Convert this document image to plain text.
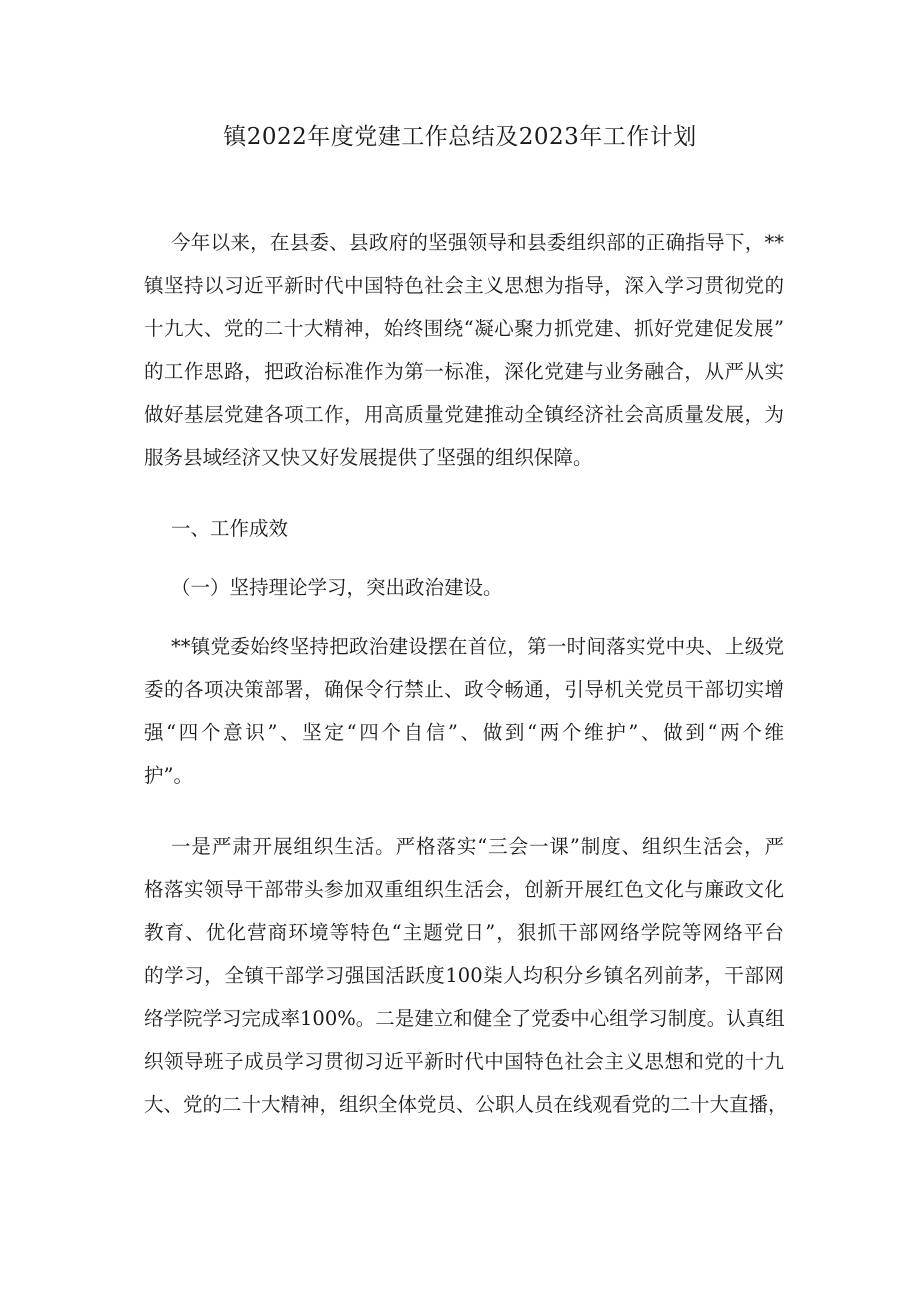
镇2022年度党建工作总结及2023年工作计划

今年以来，在县委、县政府的坚强领导和县委组织部的正确指导下，**

镇坚持以习近平新时代中国特色社会主义思想为指导，深入学习贯彻党的

十九大、党的二十大精神，始终围绕“凝心聚力抓党建、抓好党建促发展”

的工作思路，把政治标准作为第一标准，深化党建与业务融合，从严从实

做好基层党建各项工作，用高质量党建推动全镇经济社会高质量发展，为

服务县域经济又快又好发展提供了坚强的组织保障。

一、工作成效

（一）坚持理论学习，突出政治建设。

**镇党委始终坚持把政治建设摆在首位，第一时间落实党中央、上级党

委的各项决策部署，确保令行禁止、政令畅通，引导机关党员干部切实增

强“四个意识”、坚定“四个自信”、做到“两个维护”、做到“两个维

护”。

一是严肃开展组织生活。严格落实“三会一课”制度、组织生活会，严

格落实领导干部带头参加双重组织生活会，创新开展红色文化与廉政文化

教育、优化营商环境等特色“主题党日”，狠抓干部网络学院等网络平台

的学习，全镇干部学习强国活跃度100柒人均积分乡镇名列前茅，干部网

络学院学习完成率100%。二是建立和健全了党委中心组学习制度。认真组

织领导班子成员学习贯彻习近平新时代中国特色社会主义思想和党的十九

大、党的二十大精神，组织全体党员、公职人员在线观看党的二十大直播，
